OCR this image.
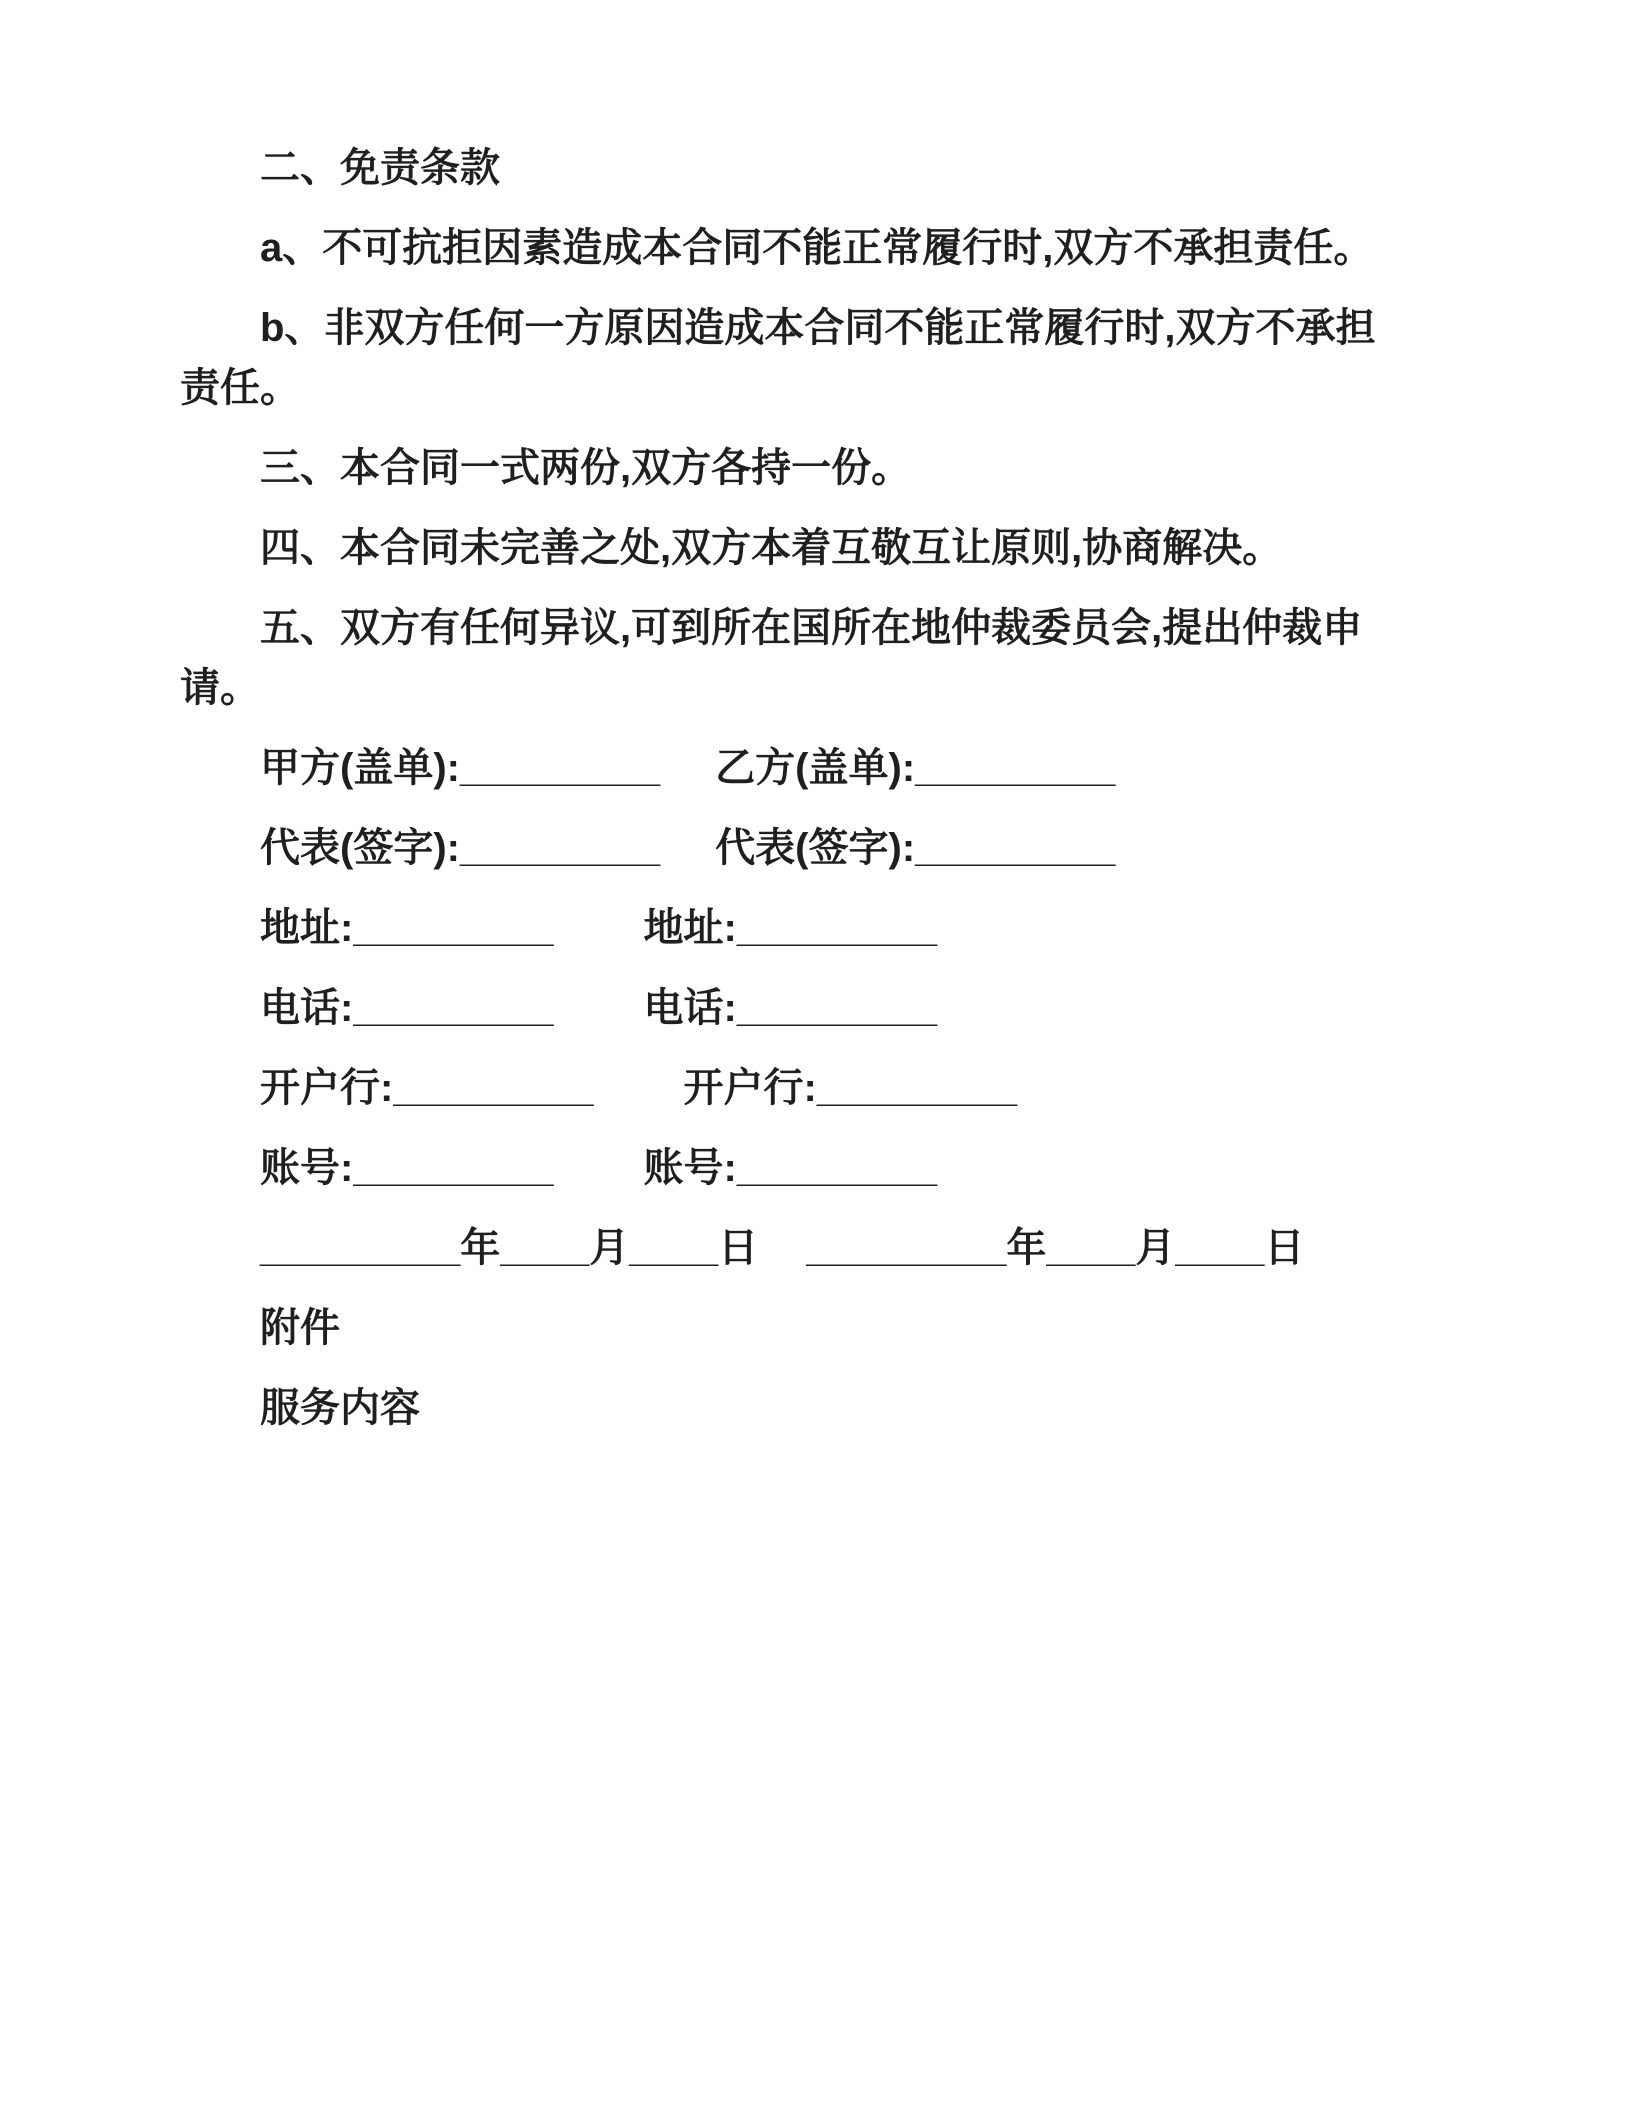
二、免责条款

a、不可抗拒因素造成本合同不能正常履行时,双方不承担责任。

b、非双方任何一方原因造成本合同不能正常履行时,双方不承担责任。

三、本合同一式两份,双方各持一份。

四、本合同未完善之处,双方本着互敬互让原则,协商解决。

五、双方有任何异议,可到所在国所在地仲裁委员会,提出仲裁申请。

甲方(盖单):_________ 乙方(盖单):_________
代表(签字):_________ 代表(签字):_________
地址:_________ 地址:_________
电话:_________ 电话:_________
开户行:_________ 开户行:_________
账号:_________ 账号:_________
_________年____月____日 _________年____月____日

附件

服务内容
